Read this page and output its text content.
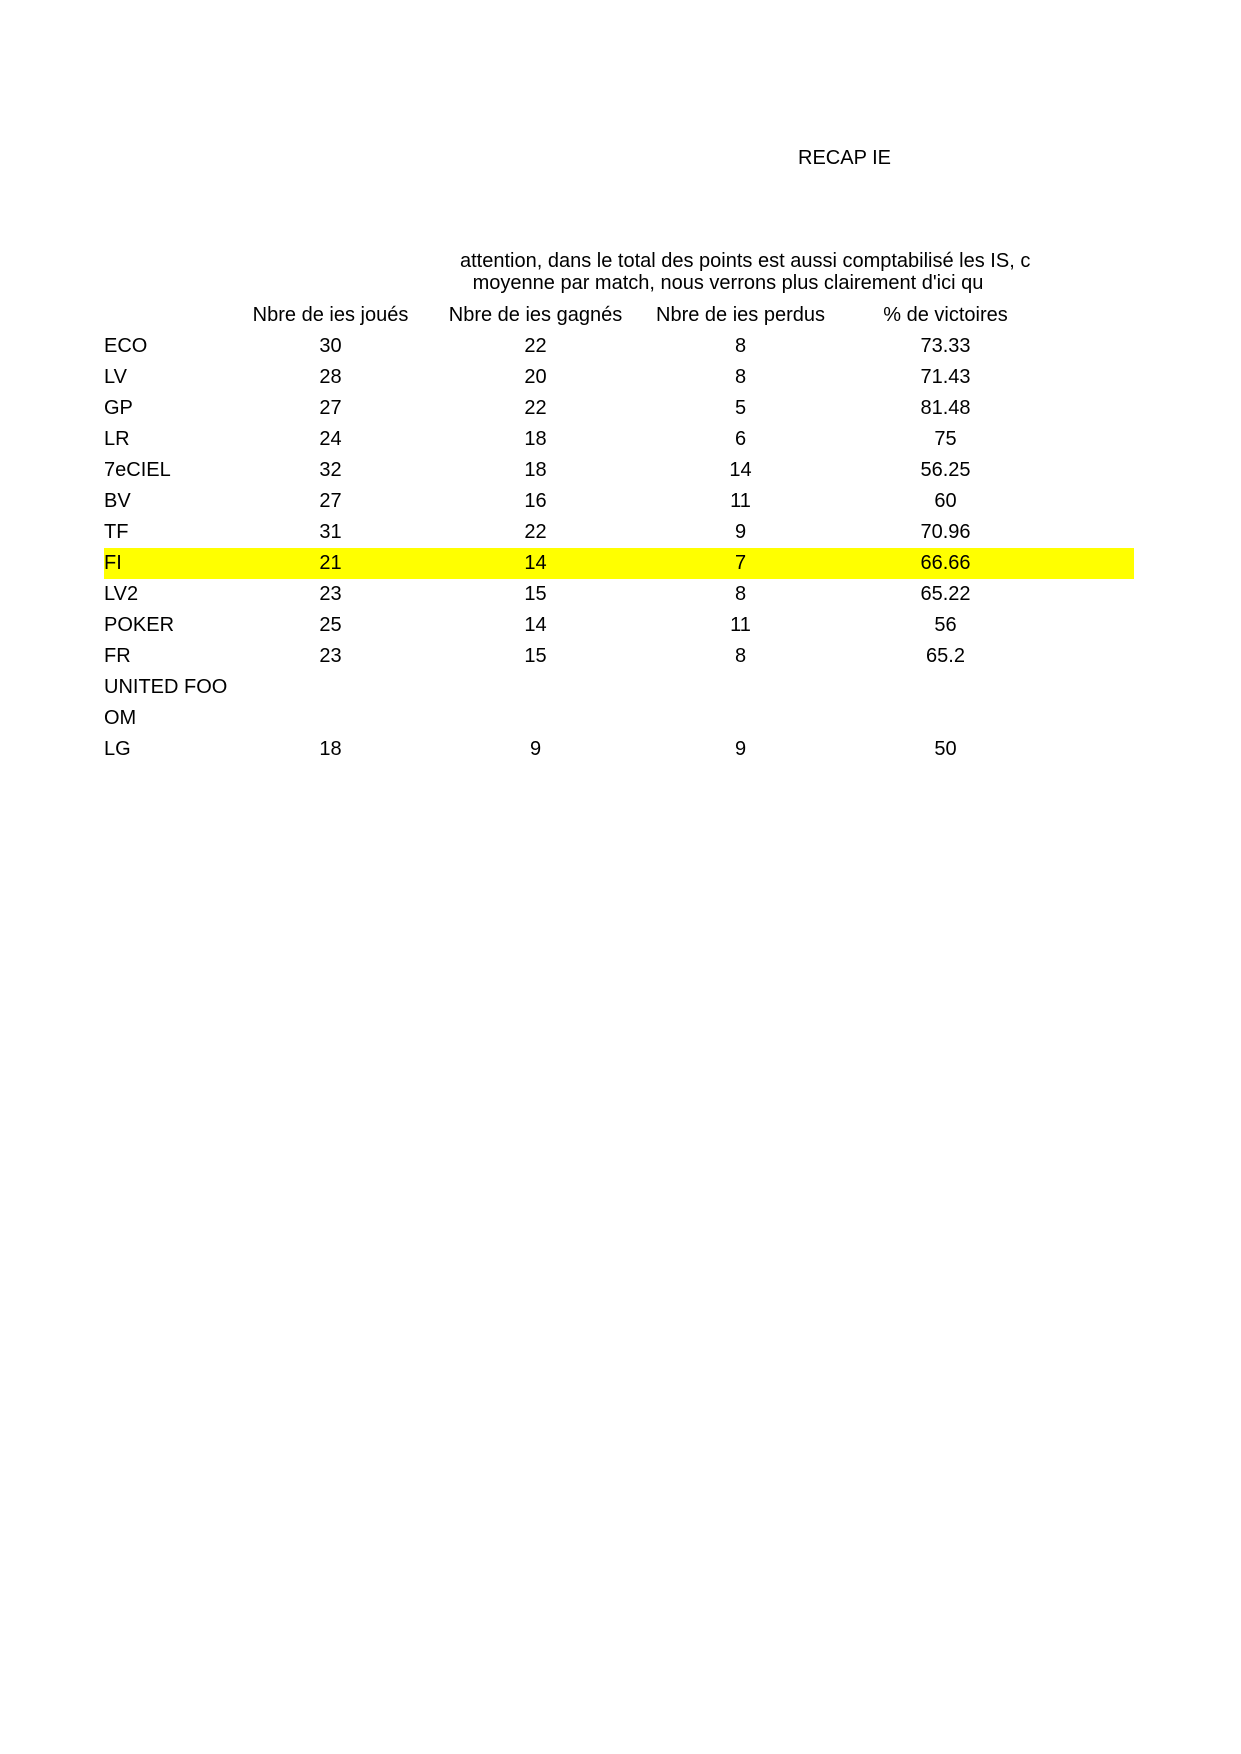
RECAP IE
attention, dans le total des points est aussi comptabilisé les IS, c
moyenne par match, nous verrons plus clairement d'ici qu
	Nbre de ies joués	Nbre de ies gagnés	Nbre de ies perdus	% de victoires	
ECO	30	22	8	73.33	
LV	28	20	8	71.43	
GP	27	22	5	81.48	
LR	24	18	6	75	
7eCIEL	32	18	14	56.25	
BV	27	16	11	60	
TF	31	22	9	70.96	
FI	21	14	7	66.66	
LV2	23	15	8	65.22	
POKER	25	14	11	56	
FR	23	15	8	65.2	
UNITED FOO					
OM					
LG	18	9	9	50	
